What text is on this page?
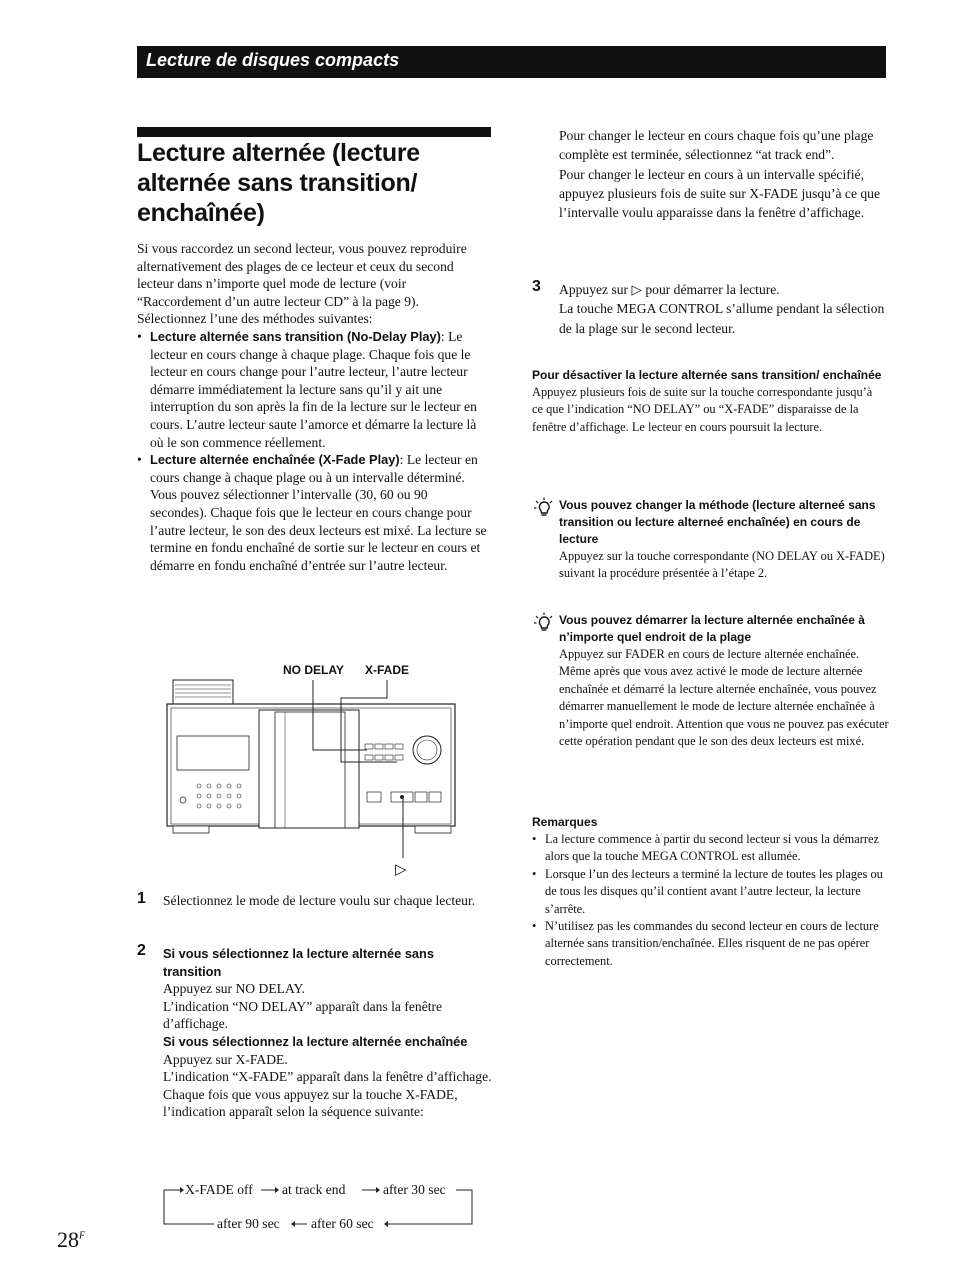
Lecture de disques compacts
Lecture alternée (lecture alternée sans transition/ enchaînée)

Si vous raccordez un second lecteur, vous pouvez reproduire alternativement des plages de ce lecteur et ceux du second lecteur dans n’importe quel mode de lecture (voir “Raccordement d’un autre lecteur CD” à la page 9).

Sélectionnez l’une des méthodes suivantes:

• Lecture alternée sans transition (No-Delay Play): Le lecteur en cours change à chaque plage. Chaque fois que le lecteur en cours change pour l’autre lecteur, l’autre lecteur démarre immédiatement la lecture sans qu’il y ait une interruption du son après la fin de la lecture sur le lecteur en cours. L’autre lecteur saute l’amorce et démarre la lecture là où le son commence réellement.
• Lecture alternée enchaînée (X-Fade Play): Le lecteur en cours change à chaque plage ou à un intervalle déterminé. Vous pouvez sélectionner l’intervalle (30, 60 ou 90 secondes). Chaque fois que le lecteur en cours change pour l’autre lecteur, le son des deux lecteurs est mixé. La lecture se termine en fondu enchaîné de sortie sur le lecteur en cours et démarre en fondu enchaîné d’entrée sur l’autre lecteur.
NO DELAY X-FADE
▷
1 Sélectionnez le mode de lecture voulu sur chaque lecteur.
2 Si vous sélectionnez la lecture alternée sans transition

Appuyez sur NO DELAY.

L’indication “NO DELAY” apparaît dans la fenêtre d’affichage.

Si vous sélectionnez la lecture alternée enchaînée

Appuyez sur X-FADE.

L’indication “X-FADE” apparaît dans la fenêtre d’affichage.

Chaque fois que vous appuyez sur la touche X-FADE, l’indication apparaît selon la séquence suivante:

X-FADE off at track end	after 30 sec
after 60 sec
after 90 sec

Pour changer le lecteur en cours chaque fois qu’une plage complète est terminée, sélectionnez “at track end”.

Pour changer le lecteur en cours à un intervalle spécifié, appuyez plusieurs fois de suite sur X-FADE jusqu’à ce que l’intervalle voulu apparaisse dans la fenêtre d’affichage.

3 Appuyez sur ▷ pour démarrer la lecture.

La touche MEGA CONTROL s’allume pendant la sélection de la plage sur le second lecteur.

Pour désactiver la lecture alternée sans transition/ enchaînée

Appuyez plusieurs fois de suite sur la touche correspondante jusqu’à ce que l’indication “NO DELAY” ou “X-FADE” disparaisse de la fenêtre d’affichage. Le lecteur en cours poursuit la lecture.

Vous pouvez changer la méthode (lecture alterneé sans transition ou lecture alterneé enchaînée) en cours de lecture

Appuyez sur la touche correspondante (NO DELAY ou X-FADE) suivant la procédure présentée à l’étape 2.

Vous pouvez démarrer la lecture alternée enchaînée à n’importe quel endroit de la plage

Appuyez sur FADER en cours de lecture alternée enchaînée.

Même après que vous avez activé le mode de lecture alternée enchaînée et démarré la lecture alternée enchaînée, vous pouvez démarrer manuellement le mode de lecture alternée enchaînée à n’importe quel endroit. Attention que vous ne pouvez pas exécuter cette opération pendant que le son des deux lecteurs est mixé.

Remarques

• La lecture commence à partir du second lecteur si vous la démarrez alors que la touche MEGA CONTROL est allumée.
• Lorsque l’un des lecteurs a terminé la lecture de toutes les plages ou de tous les disques qu’il contient avant l’autre lecteur, la lecture s’arrête.
• N’utilisez pas les commandes du second lecteur en cours de lecture alternée sans transition/enchaînée. Elles risquent de ne pas opérer correctement.
$28^F$
